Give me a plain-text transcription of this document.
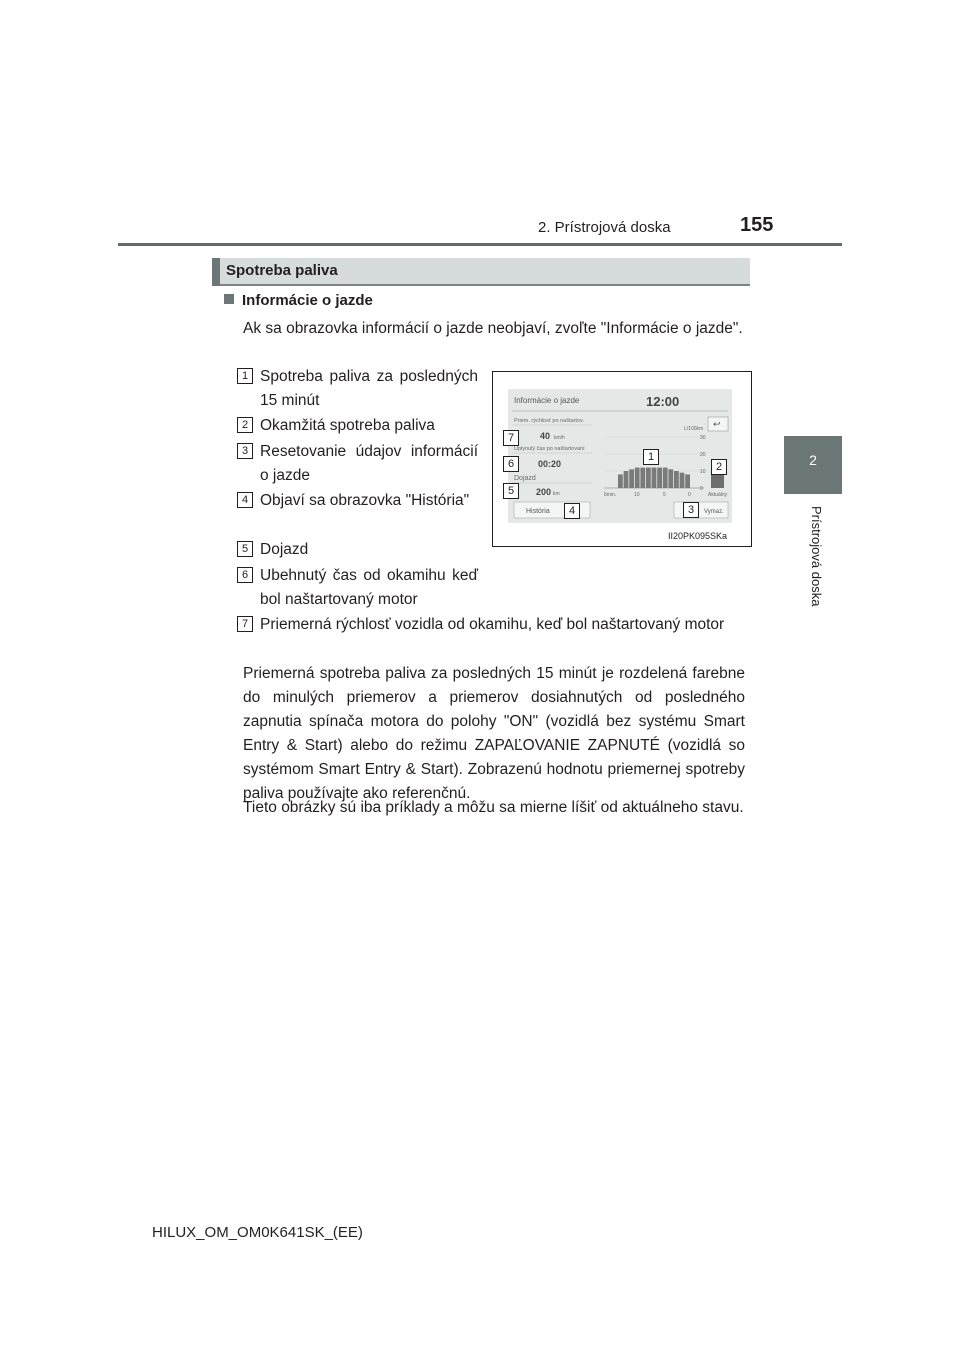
2. Prístrojová doska	155
2
Prístrojová doska
Spotreba paliva
Informácie o jazde
Ak sa obrazovka informácií o jazde neobjaví, zvoľte "Informácie o jazde".
1 Spotreba paliva za posledných 15 minút
2 Okamžitá spotreba paliva
3 Resetovanie údajov informácií o jazde
4 Objaví sa obrazovka "História"
5 Dojazd
6 Ubehnutý čas od okamihu keď bol naštartovaný motor
7 Priemerná rýchlosť vozidla od okamihu, keď bol naštartovaný motor
Priemerná spotreba paliva za posledných 15 minút je rozdelená farebne do minulých priemerov a priemerov dosiahnutých od posledného zapnutia spínača motora do polohy "ON" (vozidlá bez systému Smart Entry & Start) alebo do režimu ZAPAĽOVANIE ZAPNUTÉ (vozidlá so systémom Smart Entry & Start). Zobrazenú hodnotu priemernej spotreby paliva používajte ako referenčnú.
Tieto obrázky sú iba príklady a môžu sa mierne líšiť od aktuálneho stavu.
Informácie o jazde	12:00
↩
Priem. rýchlosť po naštartov.
40 km/h
Uplynulý čas po naštartovaní
00:20
Dojazd
200 km
História
L/100km
30
20
10
0
6min.	10	5	0	Aktuálny
Vymaz.
1
2
3
4
5
6
7
II20PK095SKa
HILUX_OM_OM0K641SK_(EE)
